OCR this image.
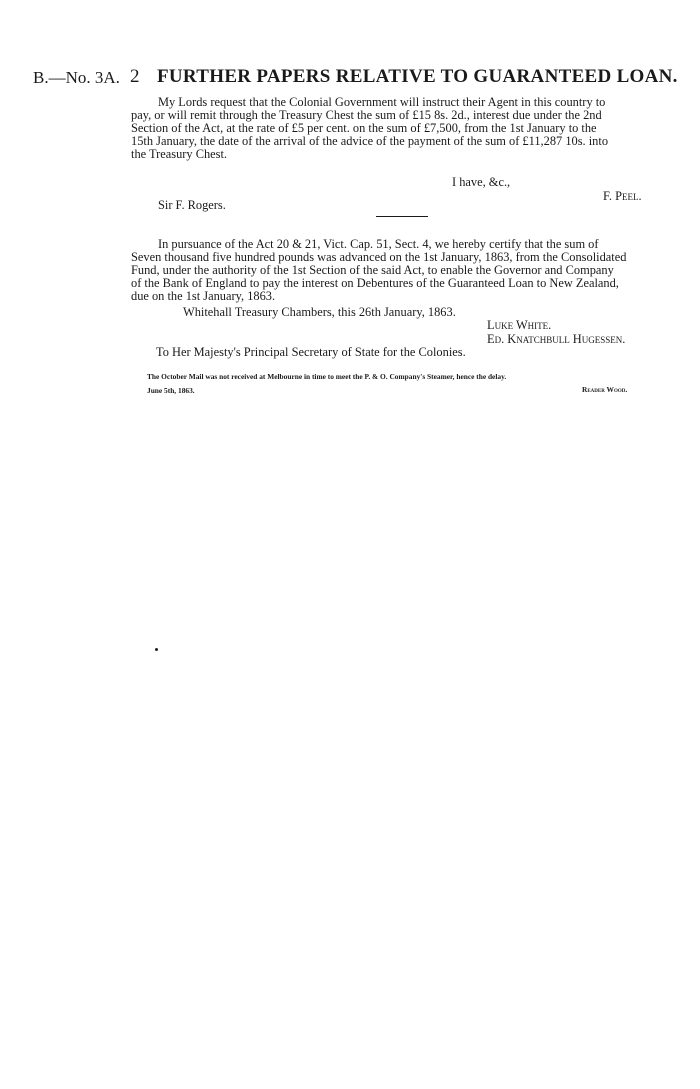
B.—No. 3A. 2 FURTHER PAPERS RELATIVE TO GUARANTEED LOAN.
My Lords request that the Colonial Government will instruct their Agent in this country to
pay, or will remit through the Treasury Chest the sum of £15 8s. 2d., interest due under the 2nd
Section of the Act, at the rate of £5 per cent. on the sum of £7,500, from the 1st January to the
15th January, the date of the arrival of the advice of the payment of the sum of £11,287 10s. into
the Treasury Chest.
I have, &c.,
F. Peel.
Sir F. Rogers.
In pursuance of the Act 20 & 21, Vict. Cap. 51, Sect. 4, we hereby certify that the sum of
Seven thousand five hundred pounds was advanced on the 1st January, 1863, from the Consolidated
Fund, under the authority of the 1st Section of the said Act, to enable the Governor and Company
of the Bank of England to pay the interest on Debentures of the Guaranteed Loan to New Zealand,
due on the 1st January, 1863.
Whitehall Treasury Chambers, this 26th January, 1863.
Luke White.
Ed. Knatchbull Hugessen.
To Her Majesty's Principal Secretary of State for the Colonies.
The October Mail was not received at Melbourne in time to meet the P. & O. Company's Steamer, hence the delay.
June 5th, 1863.	Reader Wood.
